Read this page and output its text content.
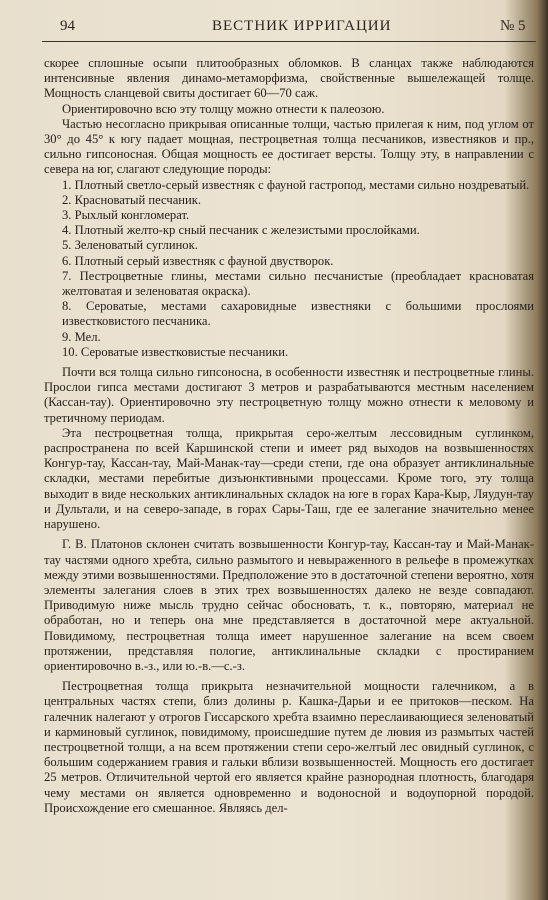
94	ВЕСТНИК ИРРИГАЦИИ	№ 5

скорее сплошные осыпи плитообразных обломков. В сланцах также наблюдаются интенсивные явления динамо-метаморфизма, свойственные вышележащей толще. Мощность сланцевой свиты достигает 60—70 саж.

Ориентировочно всю эту толщу можно отнести к палеозою.

Частью несогласно прикрывая описанные толщи, частью прилегая к ним, под углом от 30° до 45° к югу падает мощная, пестроцветная толща песчаников, известняков и пр., сильно гипсоносная. Общая мощность ее достигает версты. Толщу эту, в направлении с севера на юг, слагают следующие породы:

1. Плотный светло-серый известняк с фауной гастропод, местами сильно ноздреватый.
2. Красноватый песчаник.
3. Рыхлый конгломерат.
4. Плотный желто-кр сный песчаник с железистыми прослойками.
5. Зеленоватый суглинок.
6. Плотный серый известняк с фауной двустворок.
7. Пестроцветные глины, местами сильно песчанистые (преобладает красноватая желтоватая и зеленоватая окраска).
8. Сероватые, местами сахаровидные известняки с большими прослоями известковистого песчаника.
9. Мел.
10. Сероватые известковистые песчаники.

Почти вся толща сильно гипсоносна, в особенности известняк и пестроцветные глины. Прослои гипса местами достигают 3 метров и разрабатываются местным населением (Кассан-тау). Ориентировочно эту пестроцветную толщу можно отнести к меловому и третичному периодам.

Эта пестроцветная толща, прикрытая серо-желтым лессовидным суглинком, распространена по всей Каршинской степи и имеет ряд выходов на возвышенностях Конгур-тау, Кассан-тау, Май-Манак-тау—среди степи, где она образует антиклинальные складки, местами перебитые дизъюнктивными процессами. Кроме того, эту толща выходит в виде нескольких антиклинальных складок на юге в горах Кара-Кыр, Ляудун-тау и Дультали, и на северо-западе, в горах Сары-Таш, где ее залегание значительно менее нарушено.

Г. В. Платонов склонен считать возвышенности Конгур-тау, Кассан-тау и Май-Манак-тау частями одного хребта, сильно размытого и невыраженного в рельефе в промежутках между этими возвышенностями. Предположение это в достаточной степени вероятно, хотя элементы залегания слоев в этих трех возвышенностях далеко не везде совпадают. Приводимую ниже мысль трудно сейчас обосновать, т. к., повторяю, материал не обработан, но и теперь она мне представляется в достаточной мере актуальной. Повидимому, пестроцветная толща имеет нарушенное залегание на всем своем протяжении, представляя пологие, антиклинальные складки с простиранием ориентировочно в.-з., или ю.-в.—с.-з.

Пестроцветная толща прикрыта незначительной мощности галечником, а в центральных частях степи, близ долины р. Кашка-Дарьи и ее притоков—песком. На галечник налегают у отрогов Гиссарского хребта взаимно переслаивающиеся зеленоватый и карминовый суглинок, повидимому, происшедшие путем де лювия из размытых частей пестроцветной толщи, а на всем протяжении степи серо-желтый лес овидный суглинок, с большим содержанием гравия и гальки вблизи возвышенностей. Мощность его достигает 25 метров. Отличительной чертой его является крайне разнородная плотность, благодаря чему местами он является одновременно и водоносной и водоупорной породой. Происхождение его смешанное. Являясь дел-
